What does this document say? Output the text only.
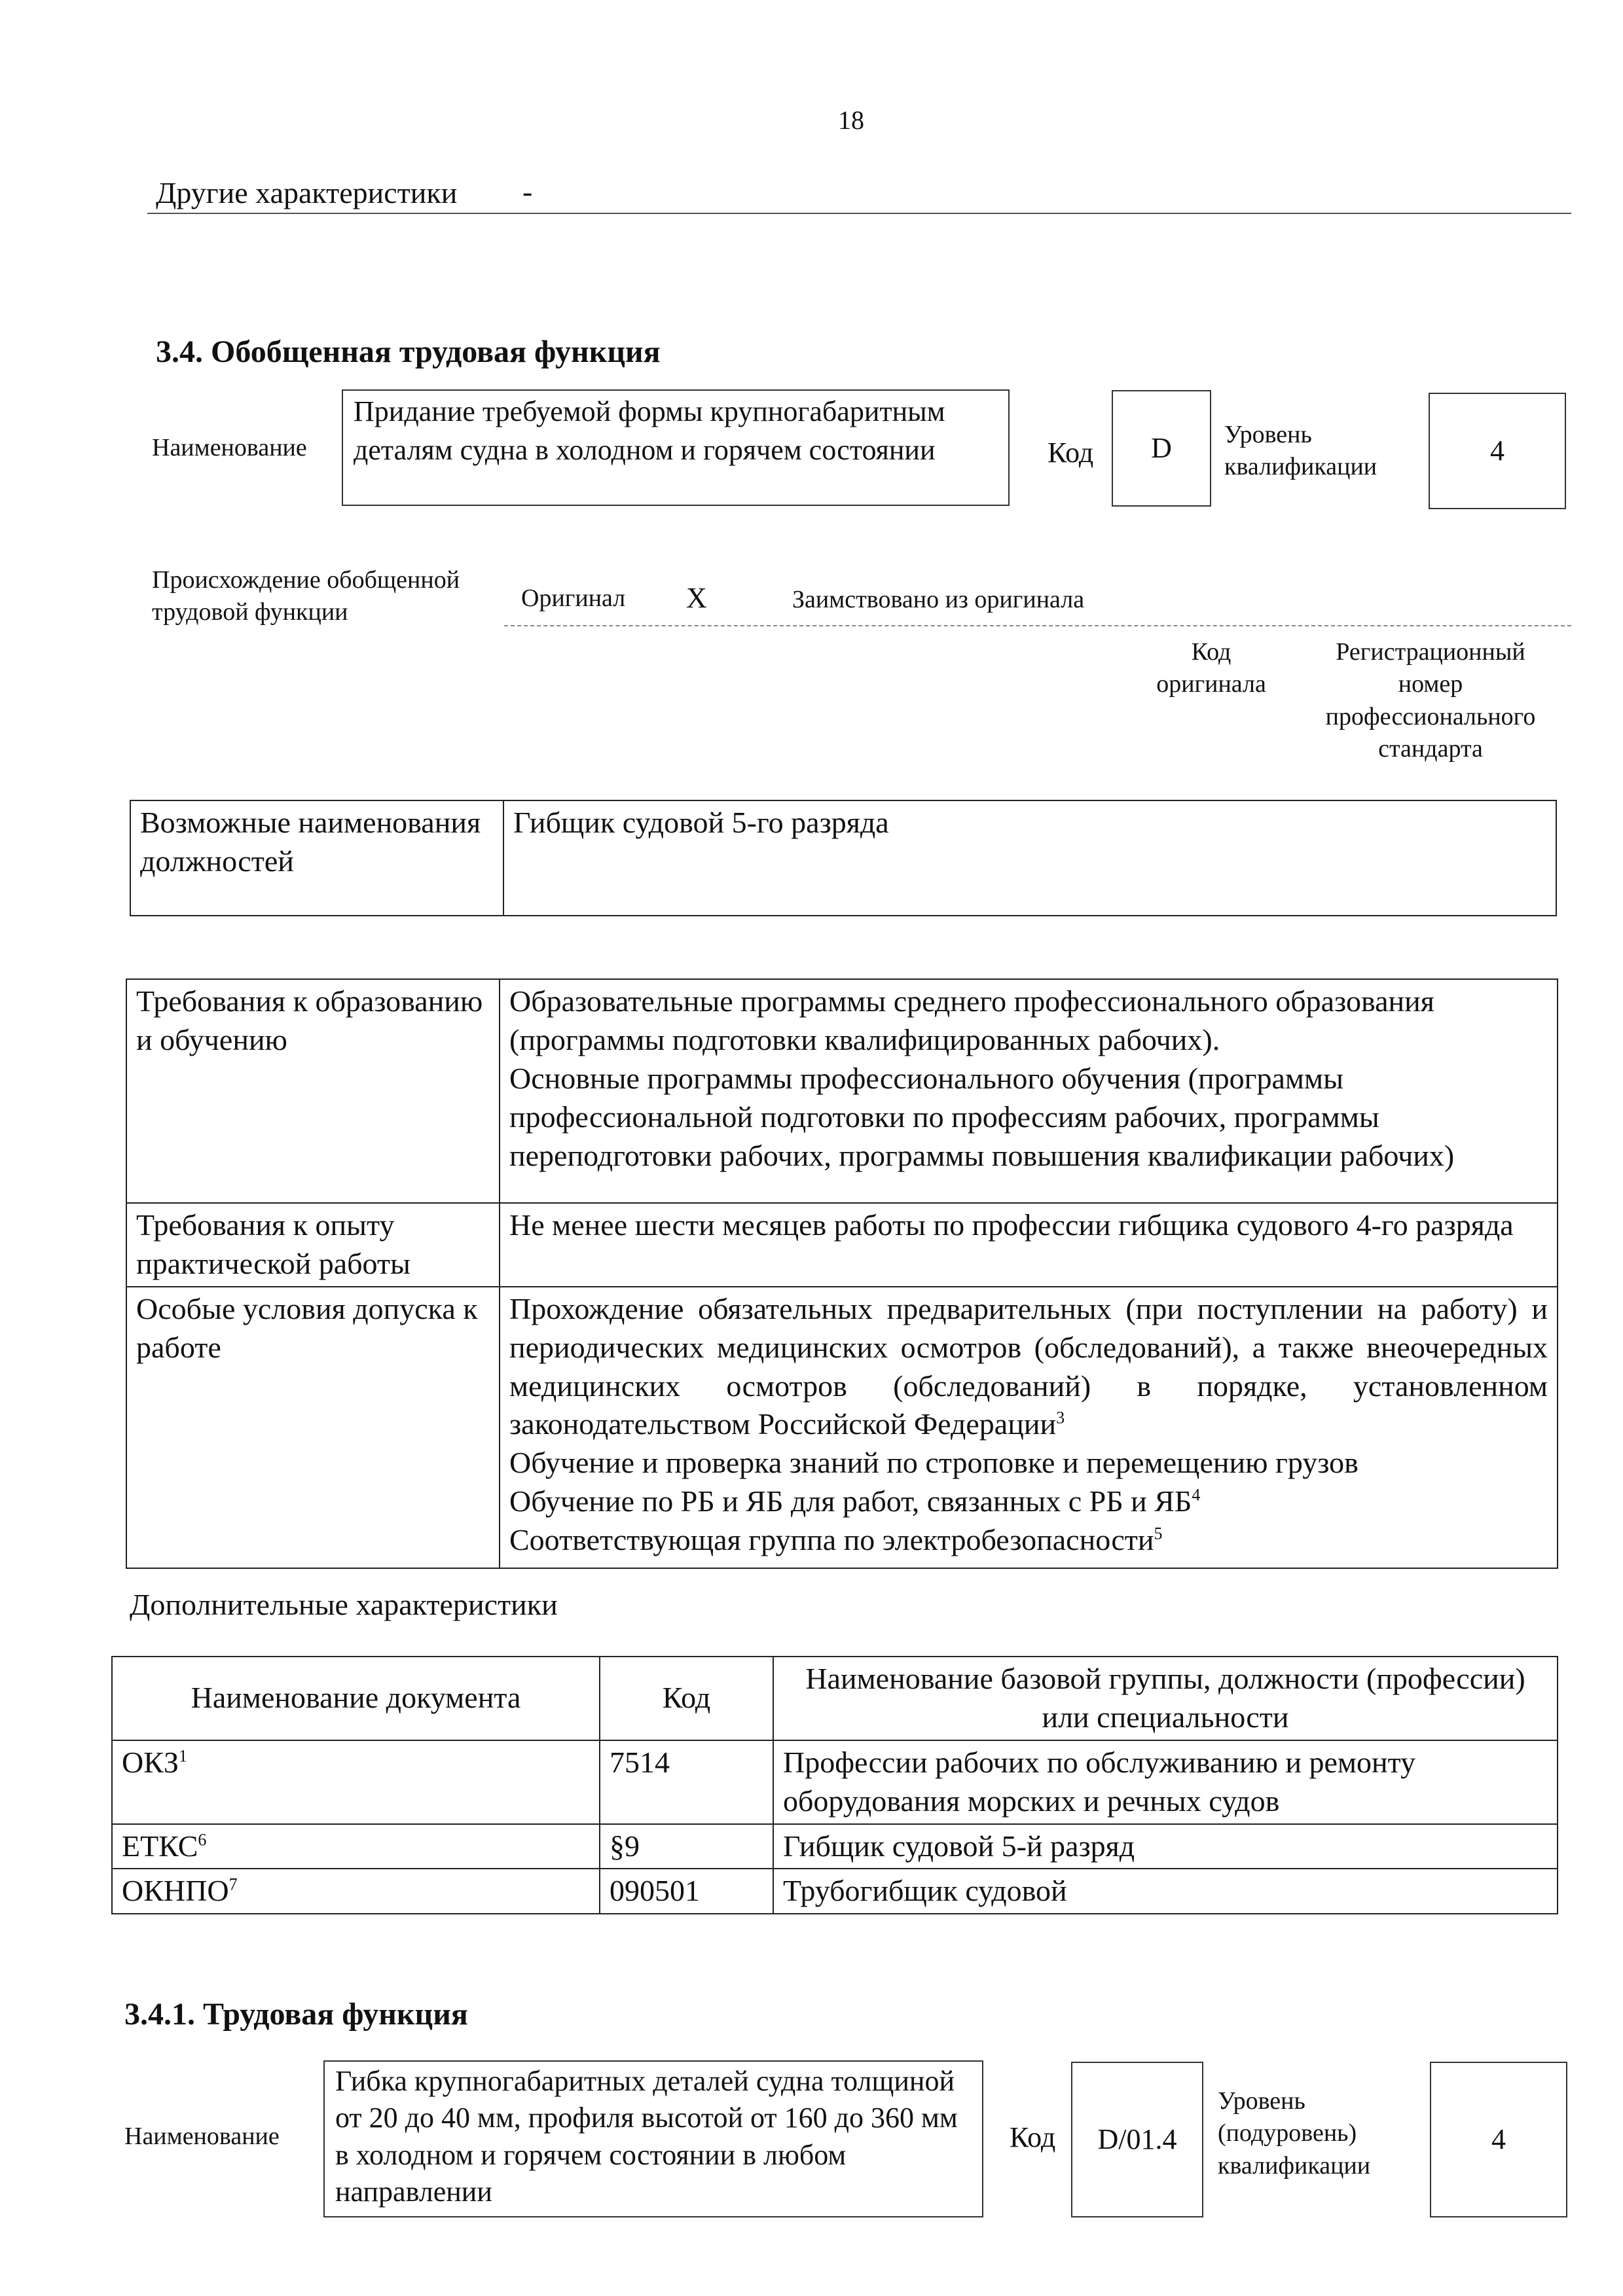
18
Другие характеристики -
3.4. Обобщенная трудовая функция
Наименование
Придание требуемой формы крупногабаритным деталям судна в холодном и горячем состоянии	Код	D	Уровень квалификации
4
Происхождение обобщенной трудовой функции
Оригинал X	Заимствовано из оригинала
Код оригинала
Регистрационный номер профессионального стандарта
Возможные наименования должностей	Гибщик судовой 5-го разряда
Требования к образованию и обучению	Образовательные программы среднего профессионального образования (программы подготовки квалифицированных рабочих).

Основные программы профессионального обучения (программы профессиональной подготовки по профессиям рабочих, программы переподготовки рабочих, программы повышения квалификации рабочих)

Требования к опыту практической работы	Не менее шести месяцев работы по профессии гибщика судового 4-го разряда

Особые условия допуска к работе	Прохождение обязательных предварительных (при поступлении на работу) и периодических медицинских осмотров (обследований), а также внеочередных медицинских осмотров (обследований) в порядке, установленном законодательством Российской Федерации$^3$

Обучение и проверка знаний по строповке и перемещению грузов

Обучение по РБ и ЯБ для работ, связанных с РБ и $ЯБ^4$

Соответствующая группа по электробезопасности$^5$

Дополнительные характеристики
Наименование документа	Код	Наименование базовой группы, должности (профессии) или специальности
ОКЗ$^1$	7514	Профессии рабочих по обслуживанию и ремонту оборудования морских и речных судов
ЕТКС$^6$	§9	Гибщик судовой 5-й разряд
ОКНПО$^7$	090501	Трубогибщик судовой
3.4.1. Трудовая функция
Наименование
Гибка крупногабаритных деталей судна толщиной от 20 до 40 мм, профиля высотой от 160 до 360 мм в холодном и горячем состоянии в любом направлении
Код	D/01.4
Уровень (подуровень) квалификации
4
